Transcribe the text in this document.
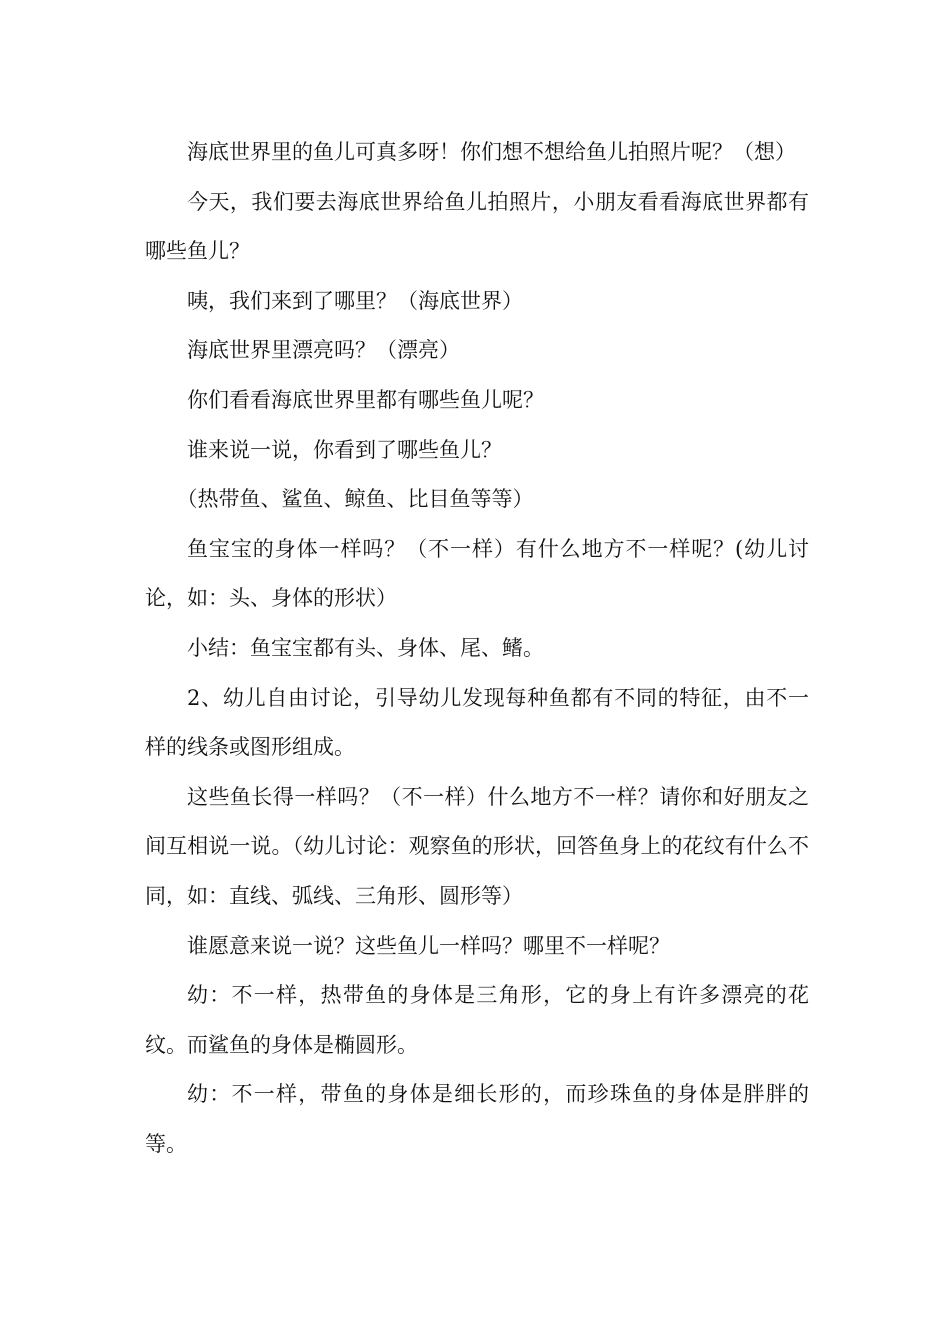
海底世界里的鱼儿可真多呀！你们想不想给鱼儿拍照片呢？（想）

今天，我们要去海底世界给鱼儿拍照片，小朋友看看海底世界都有哪些鱼儿？

咦，我们来到了哪里？（海底世界）

海底世界里漂亮吗？（漂亮）

你们看看海底世界里都有哪些鱼儿呢？

谁来说一说，你看到了哪些鱼儿？

（热带鱼、鲨鱼、鲸鱼、比目鱼等等）

鱼宝宝的身体一样吗？（不一样）有什么地方不一样呢？(幼儿讨论，如：头、身体的形状）

小结：鱼宝宝都有头、身体、尾、鳍。

2、幼儿自由讨论，引导幼儿发现每种鱼都有不同的特征，由不一样的线条或图形组成。

这些鱼长得一样吗？（不一样）什么地方不一样？请你和好朋友之间互相说一说。（幼儿讨论：观察鱼的形状，回答鱼身上的花纹有什么不同，如：直线、弧线、三角形、圆形等）

谁愿意来说一说？这些鱼儿一样吗？哪里不一样呢？

幼：不一样，热带鱼的身体是三角形，它的身上有许多漂亮的花纹。而鲨鱼的身体是椭圆形。

幼：不一样，带鱼的身体是细长形的，而珍珠鱼的身体是胖胖的等。
